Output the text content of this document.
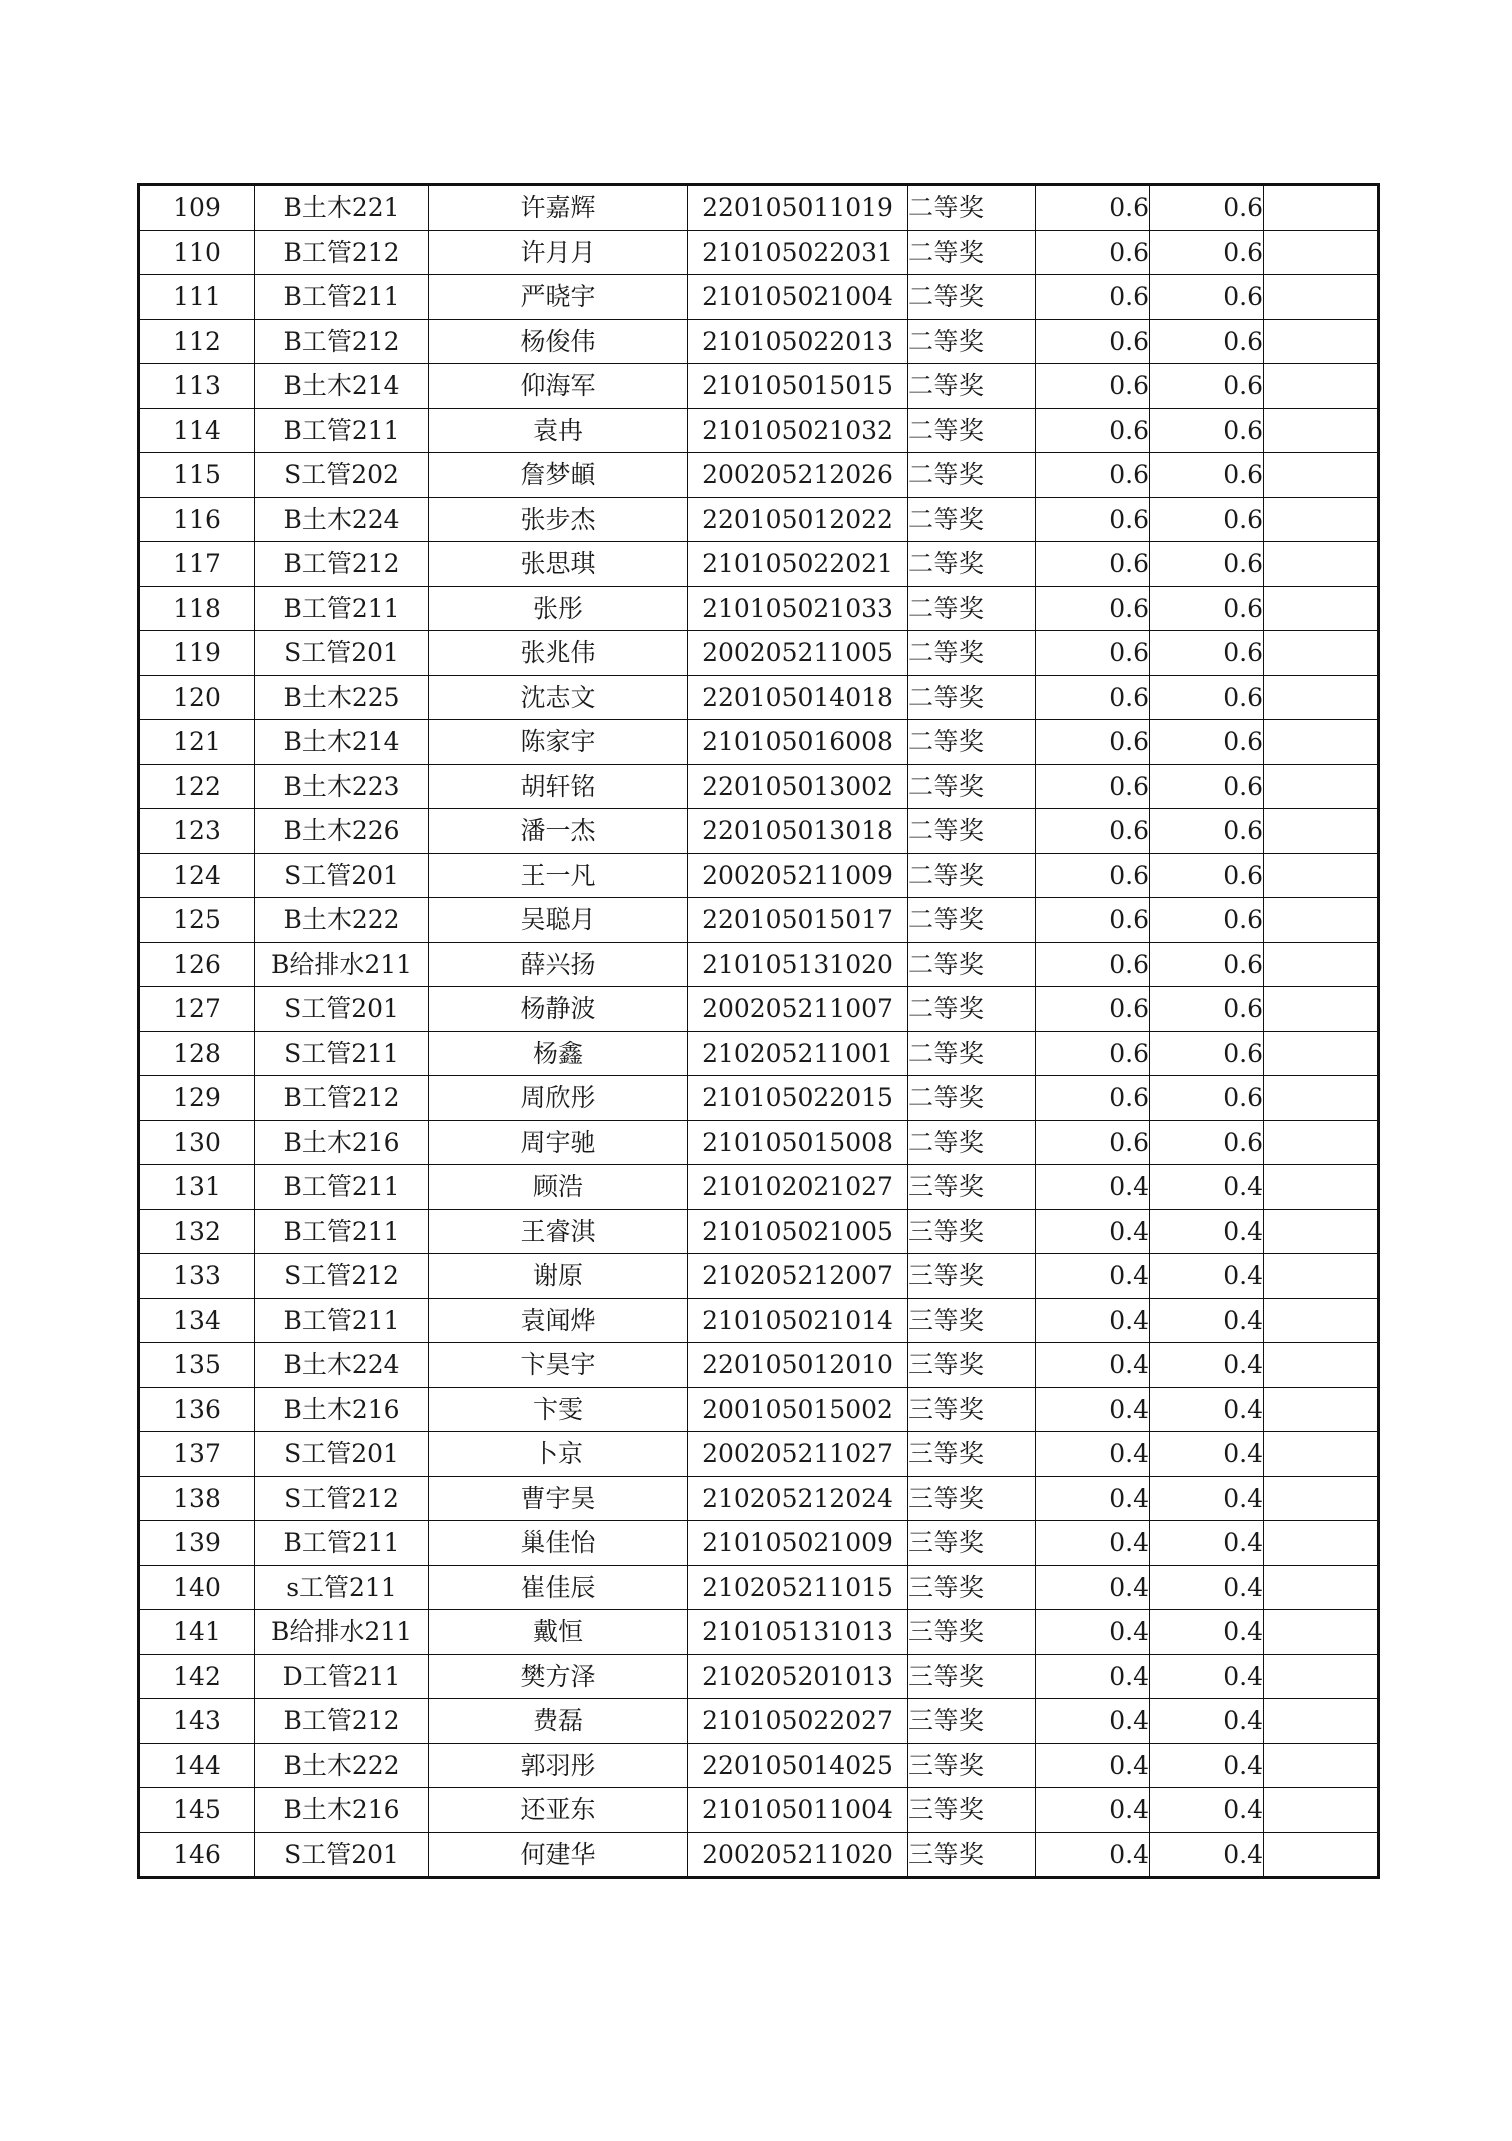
109	B土木221	许嘉辉	220105011019	二等奖	0.6	0.6	
110	B工管212	许月月	210105022031	二等奖	0.6	0.6	
111	B工管211	严晓宇	210105021004	二等奖	0.6	0.6	
112	B工管212	杨俊伟	210105022013	二等奖	0.6	0.6	
113	B土木214	仰海军	210105015015	二等奖	0.6	0.6	
114	B工管211	袁冉	210105021032	二等奖	0.6	0.6	
115	S工管202	詹梦頔	200205212026	二等奖	0.6	0.6	
116	B土木224	张步杰	220105012022	二等奖	0.6	0.6	
117	B工管212	张思琪	210105022021	二等奖	0.6	0.6	
118	B工管211	张彤	210105021033	二等奖	0.6	0.6	
119	S工管201	张兆伟	200205211005	二等奖	0.6	0.6	
120	B土木225	沈志文	220105014018	二等奖	0.6	0.6	
121	B土木214	陈家宇	210105016008	二等奖	0.6	0.6	
122	B土木223	胡轩铭	220105013002	二等奖	0.6	0.6	
123	B土木226	潘一杰	220105013018	二等奖	0.6	0.6	
124	S工管201	王一凡	200205211009	二等奖	0.6	0.6	
125	B土木222	吴聪月	220105015017	二等奖	0.6	0.6	
126	B给排水211	薛兴扬	210105131020	二等奖	0.6	0.6	
127	S工管201	杨静波	200205211007	二等奖	0.6	0.6	
128	S工管211	杨鑫	210205211001	二等奖	0.6	0.6	
129	B工管212	周欣彤	210105022015	二等奖	0.6	0.6	
130	B土木216	周宇驰	210105015008	二等奖	0.6	0.6	
131	B工管211	顾浩	210102021027	三等奖	0.4	0.4	
132	B工管211	王睿淇	210105021005	三等奖	0.4	0.4	
133	S工管212	谢原	210205212007	三等奖	0.4	0.4	
134	B工管211	袁闻烨	210105021014	三等奖	0.4	0.4	
135	B土木224	卞昊宇	220105012010	三等奖	0.4	0.4	
136	B土木216	卞雯	200105015002	三等奖	0.4	0.4	
137	S工管201	卜京	200205211027	三等奖	0.4	0.4	
138	S工管212	曹宇昊	210205212024	三等奖	0.4	0.4	
139	B工管211	巢佳怡	210105021009	三等奖	0.4	0.4	
140	s工管211	崔佳辰	210205211015	三等奖	0.4	0.4	
141	B给排水211	戴恒	210105131013	三等奖	0.4	0.4	
142	D工管211	樊方泽	210205201013	三等奖	0.4	0.4	
143	B工管212	费磊	210105022027	三等奖	0.4	0.4	
144	B土木222	郭羽彤	220105014025	三等奖	0.4	0.4	
145	B土木216	还亚东	210105011004	三等奖	0.4	0.4	
146	S工管201	何建华	200205211020	三等奖	0.4	0.4	
